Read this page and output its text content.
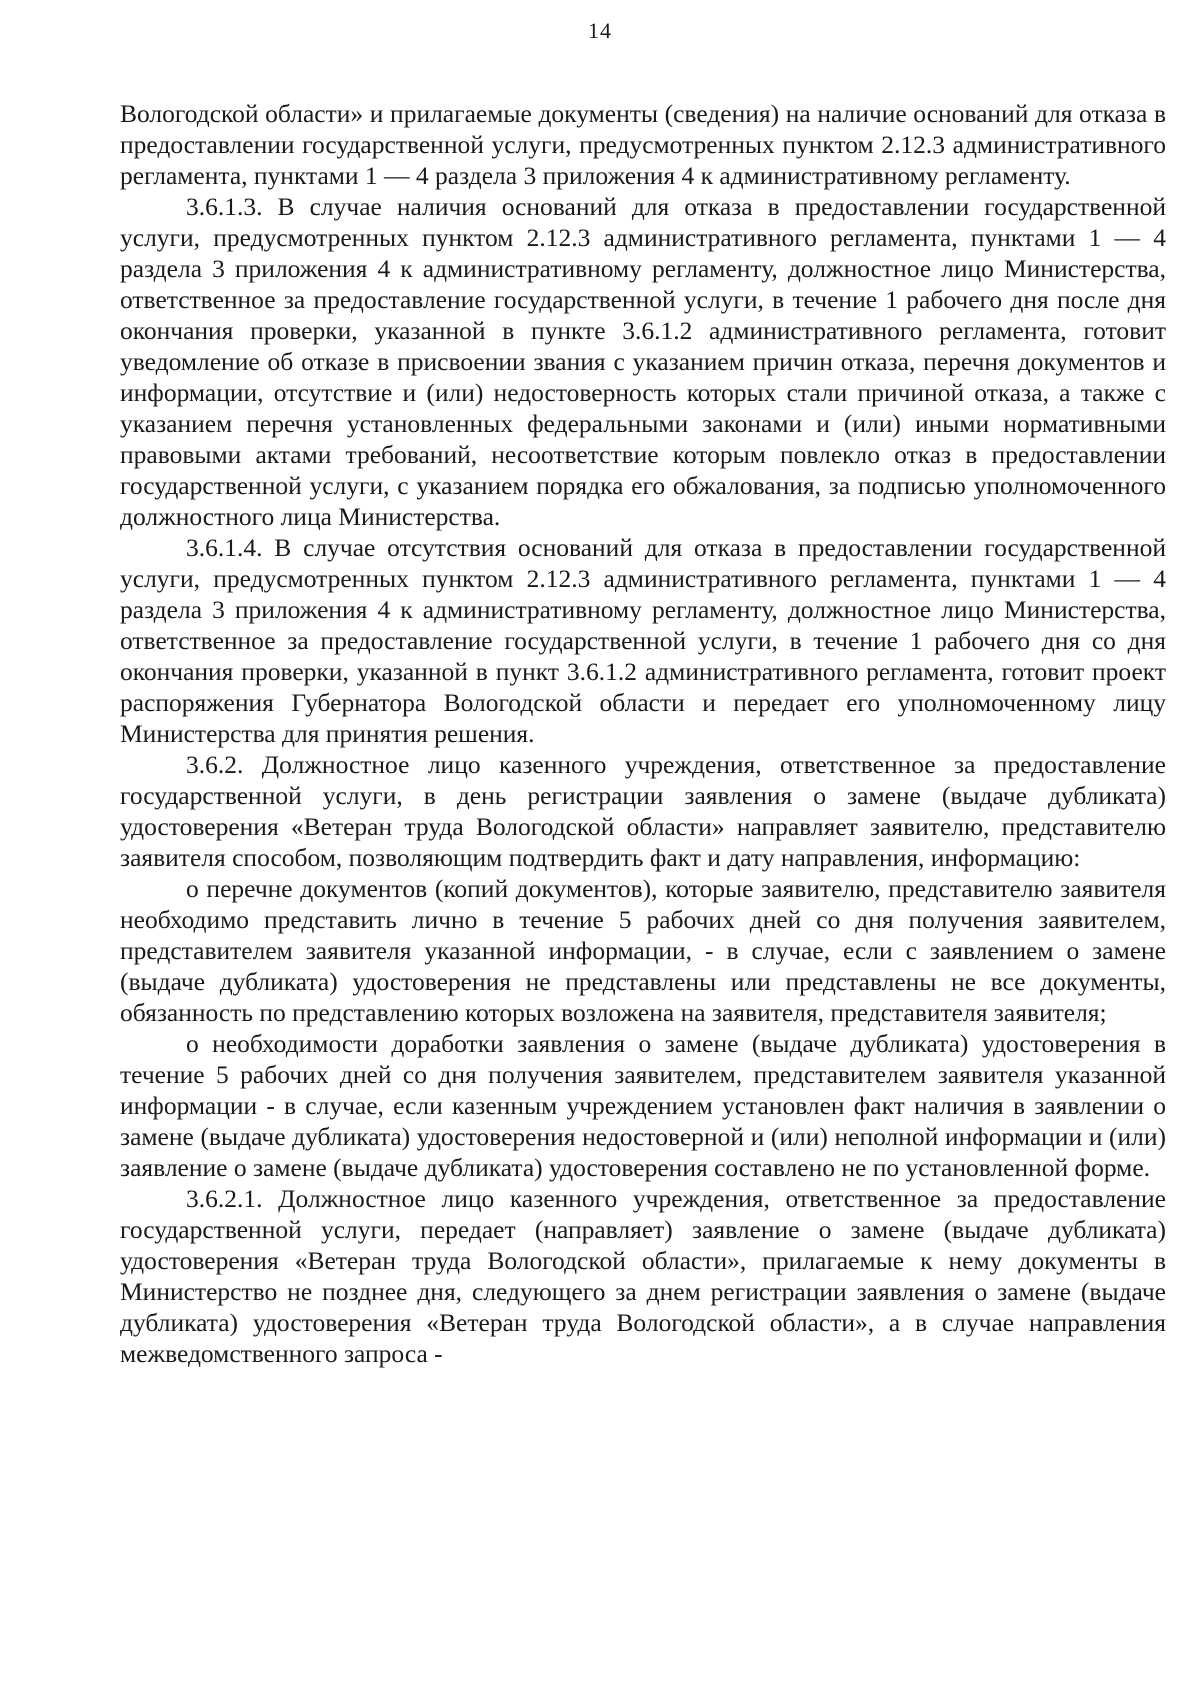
14

Вологодской области» и прилагаемые документы (сведения) на наличие оснований для отказа в предоставлении государственной услуги, предусмотренных пунктом 2.12.3 административного регламента, пунктами 1 — 4 раздела 3 приложения 4 к административному регламенту.

3.6.1.3. В случае наличия оснований для отказа в предоставлении государственной услуги, предусмотренных пунктом 2.12.3 административного регламента, пунктами 1 — 4 раздела 3 приложения 4 к административному регламенту, должностное лицо Министерства, ответственное за предоставление государственной услуги, в течение 1 рабочего дня после дня окончания проверки, указанной в пункте 3.6.1.2 административного регламента, готовит уведомление об отказе в присвоении звания с указанием причин отказа, перечня документов и информации, отсутствие и (или) недостоверность которых стали причиной отказа, а также с указанием перечня установленных федеральными законами и (или) иными нормативными правовыми актами требований, несоответствие которым повлекло отказ в предоставлении государственной услуги, с указанием порядка его обжалования, за подписью уполномоченного должностного лица Министерства.

3.6.1.4. В случае отсутствия оснований для отказа в предоставлении государственной услуги, предусмотренных пунктом 2.12.3 административного регламента, пунктами 1 — 4 раздела 3 приложения 4 к административному регламенту, должностное лицо Министерства, ответственное за предоставление государственной услуги, в течение 1 рабочего дня со дня окончания проверки, указанной в пункт 3.6.1.2 административного регламента, готовит проект распоряжения Губернатора Вологодской области и передает его уполномоченному лицу Министерства для принятия решения.

3.6.2. Должностное лицо казенного учреждения, ответственное за предоставление государственной услуги, в день регистрации заявления о замене (выдаче дубликата) удостоверения «Ветеран труда Вологодской области» направляет заявителю, представителю заявителя способом, позволяющим подтвердить факт и дату направления, информацию:

о перечне документов (копий документов), которые заявителю, представителю заявителя необходимо представить лично в течение 5 рабочих дней со дня получения заявителем, представителем заявителя указанной информации, - в случае, если с заявлением о замене (выдаче дубликата) удостоверения не представлены или представлены не все документы, обязанность по представлению которых возложена на заявителя, представителя заявителя;

о необходимости доработки заявления о замене (выдаче дубликата) удостоверения в течение 5 рабочих дней со дня получения заявителем, представителем заявителя указанной информации - в случае, если казенным учреждением установлен факт наличия в заявлении о замене (выдаче дубликата) удостоверения недостоверной и (или) неполной информации и (или) заявление о замене (выдаче дубликата) удостоверения составлено не по установленной форме.

3.6.2.1. Должностное лицо казенного учреждения, ответственное за предоставление государственной услуги, передает (направляет) заявление о замене (выдаче дубликата) удостоверения «Ветеран труда Вологодской области», прилагаемые к нему документы в Министерство не позднее дня, следующего за днем регистрации заявления о замене (выдаче дубликата) удостоверения «Ветеран труда Вологодской области», а в случае направления межведомственного запроса -
